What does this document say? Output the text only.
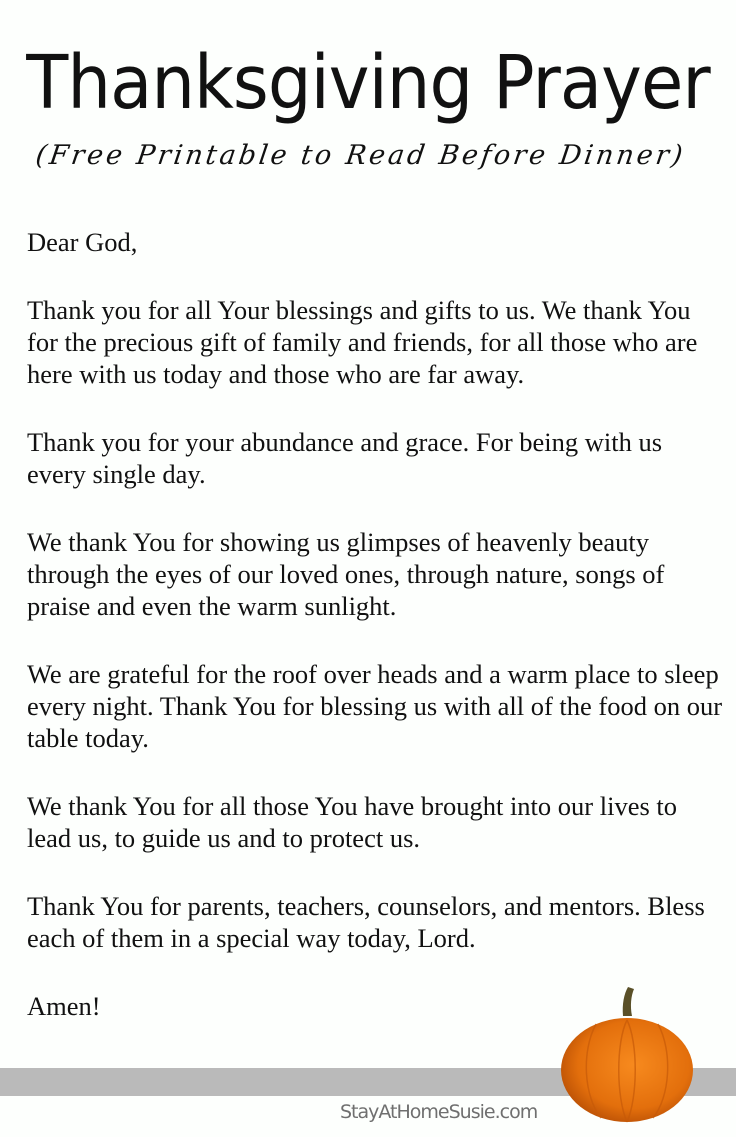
Thanksgiving Prayer
(Free Printable to Read Before Dinner)

Dear God,

Thank you for all Your blessings and gifts to us. We thank You for the precious gift of family and friends, for all those who are here with us today and those who are far away.

Thank you for your abundance and grace. For being with us every single day.

We thank You for showing us glimpses of heavenly beauty through the eyes of our loved ones, through nature, songs of praise and even the warm sunlight.

We are grateful for the roof over heads and a warm place to sleep every night. Thank You for blessing us with all of the food on our table today.

We thank You for all those You have brought into our lives to lead us, to guide us and to protect us.

Thank You for parents, teachers, counselors, and mentors. Bless each of them in a special way today, Lord.

Amen!

StayAtHomeSusie.com
